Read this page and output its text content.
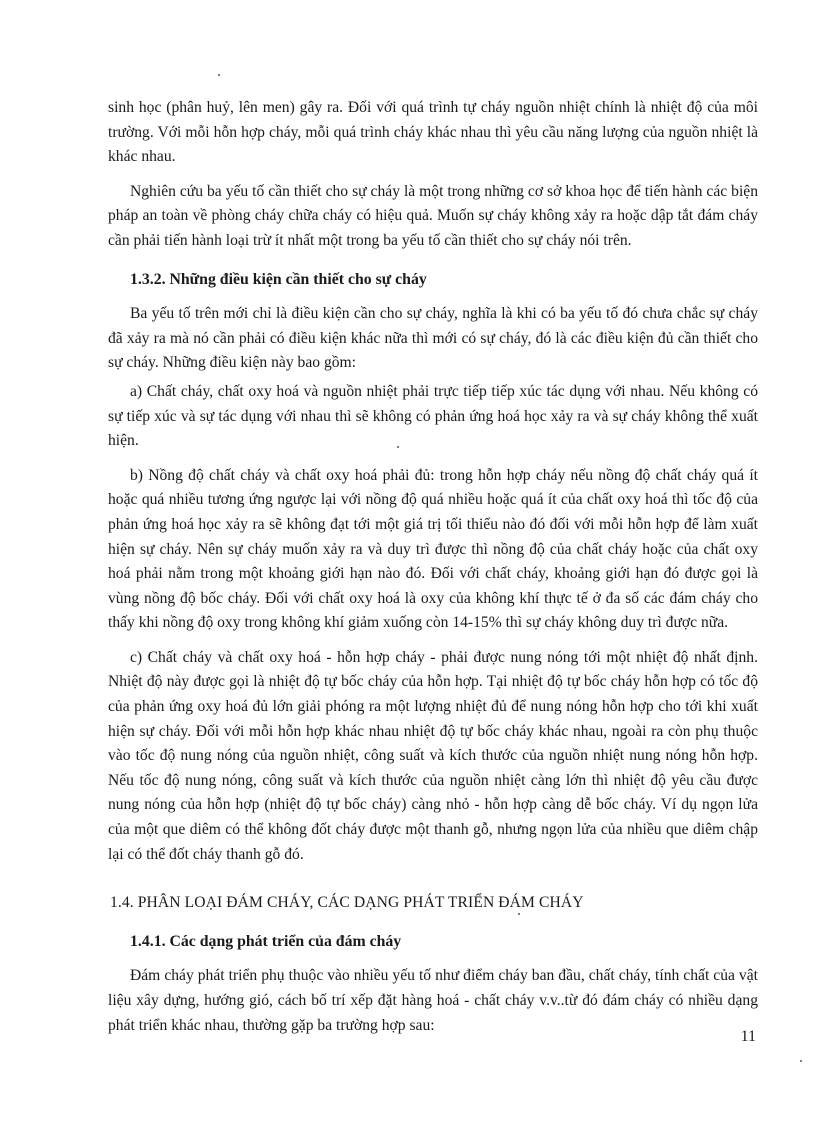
sinh học (phân huỷ, lên men) gây ra. Đối với quá trình tự cháy nguồn nhiệt chính là nhiệt độ của môi trường. Với mỗi hỗn hợp cháy, mỗi quá trình cháy khác nhau thì yêu cầu năng lượng của nguồn nhiệt là khác nhau.

Nghiên cứu ba yếu tố cần thiết cho sự cháy là một trong những cơ sở khoa học để tiến hành các biện pháp an toàn về phòng cháy chữa cháy có hiệu quả. Muốn sự cháy không xảy ra hoặc dập tắt đám cháy cần phải tiến hành loại trừ ít nhất một trong ba yếu tố cần thiết cho sự cháy nói trên.

1.3.2. Những điều kiện cần thiết cho sự cháy

Ba yếu tố trên mới chỉ là điều kiện cần cho sự cháy, nghĩa là khi có ba yếu tố đó chưa chắc sự cháy đã xảy ra mà nó cần phải có điều kiện khác nữa thì mới có sự cháy, đó là các điều kiện đủ cần thiết cho sự cháy. Những điều kiện này bao gồm:

a) Chất cháy, chất oxy hoá và nguồn nhiệt phải trực tiếp tiếp xúc tác dụng với nhau. Nếu không có sự tiếp xúc và sự tác dụng với nhau thì sẽ không có phản ứng hoá học xảy ra và sự cháy không thể xuất hiện.

b) Nồng độ chất cháy và chất oxy hoá phải đủ: trong hỗn hợp cháy nếu nồng độ chất cháy quá ít hoặc quá nhiều tương ứng ngược lại với nồng độ quá nhiều hoặc quá ít của chất oxy hoá thì tốc độ của phản ứng hoá học xảy ra sẽ không đạt tới một giá trị tối thiểu nào đó đối với mỗi hỗn hợp để làm xuất hiện sự cháy. Nên sự cháy muốn xảy ra và duy trì được thì nồng độ của chất cháy hoặc của chất oxy hoá phải nằm trong một khoảng giới hạn nào đó. Đối với chất cháy, khoảng giới hạn đó được gọi là vùng nồng độ bốc cháy. Đối với chất oxy hoá là oxy của không khí thực tế ở đa số các đám cháy cho thấy khi nồng độ oxy trong không khí giảm xuống còn 14-15% thì sự cháy không duy trì được nữa.

c) Chất cháy và chất oxy hoá - hỗn hợp cháy - phải được nung nóng tới một nhiệt độ nhất định. Nhiệt độ này được gọi là nhiệt độ tự bốc cháy của hỗn hợp. Tại nhiệt độ tự bốc cháy hỗn hợp có tốc độ của phản ứng oxy hoá đủ lớn giải phóng ra một lượng nhiệt đủ để nung nóng hỗn hợp cho tới khi xuất hiện sự cháy. Đối với mỗi hỗn hợp khác nhau nhiệt độ tự bốc cháy khác nhau, ngoài ra còn phụ thuộc vào tốc độ nung nóng của nguồn nhiệt, công suất và kích thước của nguồn nhiệt nung nóng hỗn hợp. Nếu tốc độ nung nóng, công suất và kích thước của nguồn nhiệt càng lớn thì nhiệt độ yêu cầu được nung nóng của hỗn hợp (nhiệt độ tự bốc cháy) càng nhỏ - hỗn hợp càng dễ bốc cháy. Ví dụ ngọn lửa của một que diêm có thể không đốt cháy được một thanh gỗ, nhưng ngọn lửa của nhiều que diêm chập lại có thể đốt cháy thanh gỗ đó.

1.4. PHÂN LOẠI ĐÁM CHÁY, CÁC DẠNG PHÁT TRIỂN ĐÁM CHÁY

1.4.1. Các dạng phát triển của đám cháy

Đám cháy phát triển phụ thuộc vào nhiều yếu tố như điểm cháy ban đầu, chất cháy, tính chất của vật liệu xây dựng, hướng gió, cách bố trí xếp đặt hàng hoá - chất cháy v.v..từ đó đám cháy có nhiều dạng phát triển khác nhau, thường gặp ba trường hợp sau:

11
